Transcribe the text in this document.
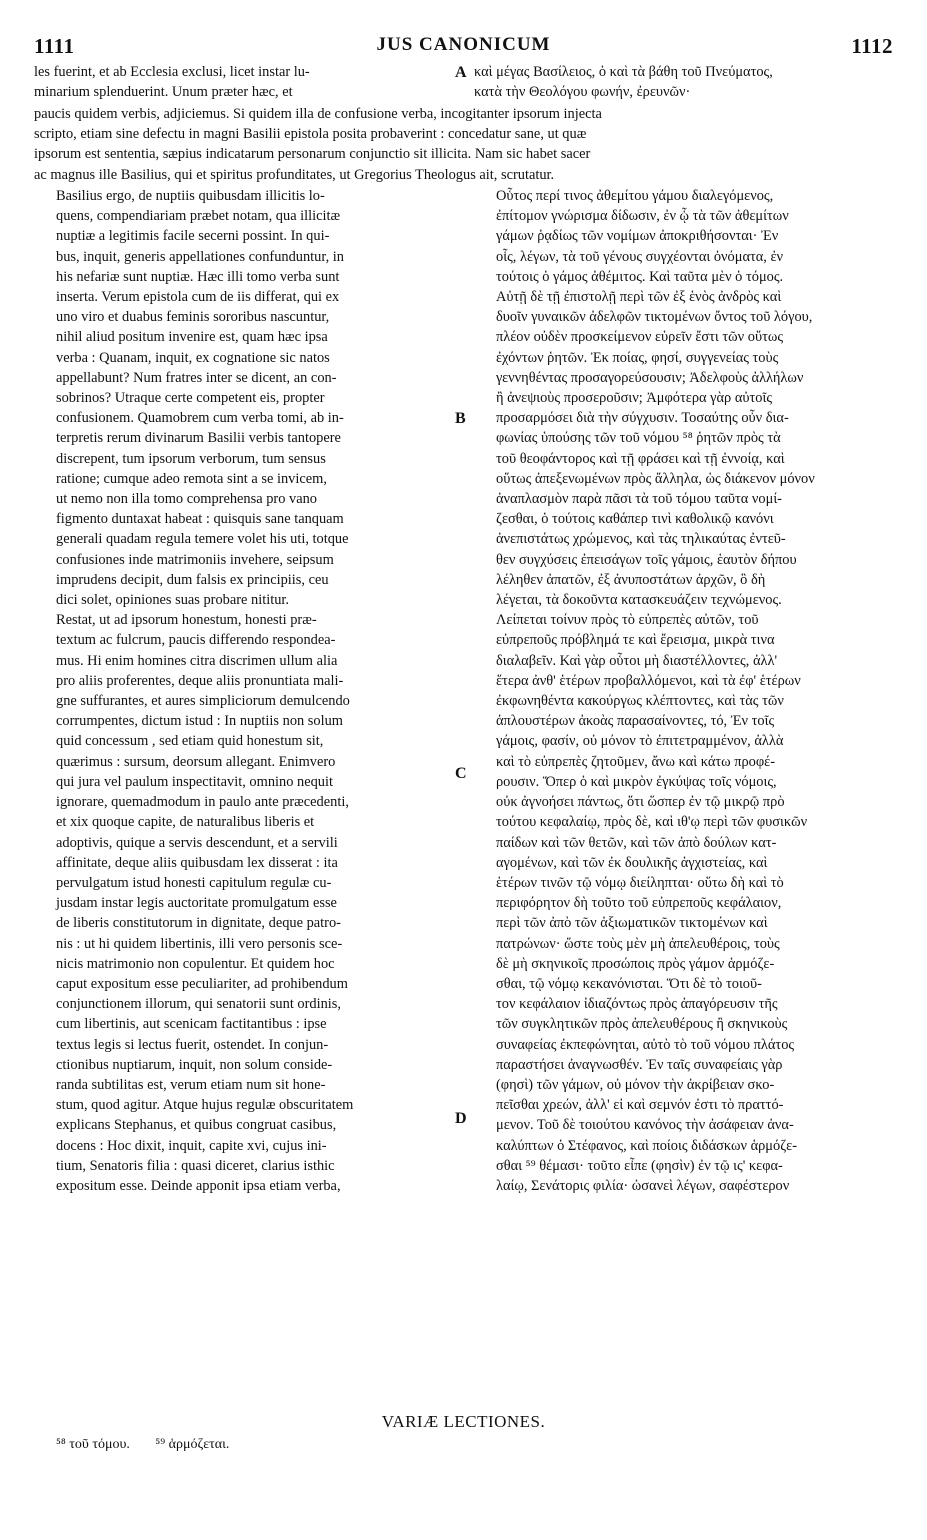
1111	JUS CANONICUM	1112

les fuerint, et ab Ecclesia exclusi, licet instar lu-
minarium splenduerint. Unum præter hæc, et

καὶ μέγας Βασίλειος, ὁ καὶ τὰ βάθη τοῦ Πνεύματος,
κατὰ τὴν Θεολόγου φωνήν, ἐρευνῶν·

paucis quidem verbis, adjiciemus. Si quidem illa de confusione verba, incogitanter ipsorum injecta
scripto, etiam sine defectu in magni Basilii epistola posita probaverint : concedatur sane, ut quæ
ipsorum est sententia, sæpius indicatarum personarum conjunctio sit illicita. Nam sic habet sacer
ac magnus ille Basilius, qui et spiritus profunditates, ut Gregorius Theologus ait, scrutatur.

Basilius ergo, de nuptiis quibusdam illicitis lo-
quens, compendiariam præbet notam, qua illicitæ
nuptiæ a legitimis facile secerni possint. In qui-
bus, inquit, generis appellationes confunduntur, in
his nefariæ sunt nuptiæ. Hæc illi tomo verba sunt
inserta. Verum epistola cum de iis differat, qui ex
uno viro et duabus feminis sororibus nascuntur,
nihil aliud positum invenire est, quam hæc ipsa
verba : Quanam, inquit, ex cognatione sic natos
appellabunt? Num fratres inter se dicent, an con-
sobrinos? Utraque certe competent eis, propter
confusionem. Quamobrem cum verba tomi, ab in-
terpretis rerum divinarum Basilii verbis tantopere
discrepent, tum ipsorum verborum, tum sensus
ratione; cumque adeo remota sint a se invicem,
ut nemo non illa tomo comprehensa pro vano
figmento duntaxat habeat : quisquis sane tanquam
generali quadam regula temere volet his uti, totque
confusiones inde matrimoniis invehere, seipsum
imprudens decipit, dum falsis ex principiis, ceu
dici solet, opiniones suas probare nititur.

Restat, ut ad ipsorum honestum, honesti præ-
textum ac fulcrum, paucis differendo respondea-
mus. Hi enim homines citra discrimen ullum alia
pro aliis proferentes, deque aliis pronuntiata mali-
gne suffurantes, et aures simpliciorum demulcendo
corrumpentes, dictum istud : In nuptiis non solum
quid concessum , sed etiam quid honestum sit,
quærimus : sursum, deorsum allegant. Enimvero
qui jura vel paulum inspectitavit, omnino nequit
ignorare, quemadmodum in paulo ante præcedenti,
et xix quoque capite, de naturalibus liberis et
adoptivis, quique a servis descendunt, et a servili
affinitate, deque aliis quibusdam lex disserat : ita
pervulgatum istud honesti capitulum regulæ cu-
jusdam instar legis auctoritate promulgatum esse
de liberis constitutorum in dignitate, deque patro-
nis : ut hi quidem libertinis, illi vero personis sce-
nicis matrimonio non copulentur. Et quidem hoc
caput expositum esse peculiariter, ad prohibendum
conjunctionem illorum, qui senatorii sunt ordinis,
cum libertinis, aut scenicam factitantibus : ipse
textus legis si lectus fuerit, ostendet. In conjun-
ctionibus nuptiarum, inquit, non solum conside-
randa subtilitas est, verum etiam num sit hone-
stum, quod agitur. Atque hujus regulæ obscuritatem
explicans Stephanus, et quibus congruat casibus,
docens : Hoc dixit, inquit, capite xvi, cujus ini-
tium, Senatoris filia : quasi diceret, clarius isthic
expositum esse. Deinde apponit ipsa etiam verba,

Οὗτος περί τινος ἀθεμίτου γάμου διαλεγόμενος,
ἐπίτομον γνώρισμα δίδωσιν, ἐν ᾧ τὰ τῶν ἀθεμίτων
γάμων ῥᾳδίως τῶν νομίμων ἀποκριθήσονται· Ἐν
οἷς, λέγων, τὰ τοῦ γένους συγχέονται ὀνόματα, ἐν
τούτοις ὁ γάμος ἀθέμιτος. Καὶ ταῦτα μὲν ὁ τόμος.
Αὐτῇ δὲ τῇ ἐπιστολῇ περὶ τῶν ἐξ ἑνὸς ἀνδρὸς καὶ
δυοῖν γυναικῶν ἀδελφῶν τικτομένων ὄντος τοῦ λόγου,
πλέον οὐδὲν προσκείμενον εὑρεῖν ἔστι τῶν οὕτως
ἐχόντων ῥητῶν. Ἐκ ποίας, φησί, συγγενείας τοὺς
γεννηθέντας προσαγορεύσουσιν; Ἀδελφοὺς ἀλλήλων
ἢ ἀνεψιοὺς προσεροῦσιν; Ἀμφότερα γὰρ αὐτοῖς
προσαρμόσει διὰ τὴν σύγχυσιν. Τοσαύτης οὖν δια-
φωνίας ὑπούσης τῶν τοῦ νόμου ⁵⁸ ῥητῶν πρὸς τὰ
τοῦ θεοφάντορος καὶ τῇ φράσει καὶ τῇ ἐννοίᾳ, καὶ
οὕτως ἀπεξενωμένων πρὸς ἄλληλα, ὡς διάκενον μόνον
ἀναπλασμὸν παρὰ πᾶσι τὰ τοῦ τόμου ταῦτα νομί-
ζεσθαι, ὁ τούτοις καθάπερ τινὶ καθολικῷ κανόνι
ἀνεπιστάτως χρώμενος, καὶ τὰς τηλικαύτας ἐντεῦ-
θεν συγχύσεις ἐπεισάγων τοῖς γάμοις, ἑαυτὸν δήπου
λέληθεν ἀπατῶν, ἐξ ἀνυποστάτων ἀρχῶν, ὃ δὴ
λέγεται, τὰ δοκοῦντα κατασκευάζειν τεχνώμενος.

Λείπεται τοίνυν πρὸς τὸ εὐπρεπὲς αὐτῶν, τοῦ
εὐπρεποῦς πρόβλημά τε καὶ ἔρεισμα, μικρὰ τινα
διαλαβεῖν. Καὶ γὰρ οὗτοι μὴ διαστέλλοντες, ἀλλ'
ἕτερα ἀνθ' ἑτέρων προβαλλόμενοι, καὶ τὰ ἐφ' ἑτέρων
ἐκφωνηθέντα κακούργως κλέπτοντες, καὶ τὰς τῶν
ἁπλουστέρων ἀκοὰς παρασαίνοντες, τό, Ἐν τοῖς
γάμοις, φασίν, οὐ μόνον τὸ ἐπιτετραμμένον, ἀλλὰ
καὶ τὸ εὐπρεπὲς ζητοῦμεν, ἄνω καὶ κάτω προφέ-
ρουσιν. Ὅπερ ὁ καὶ μικρὸν ἐγκύψας τοῖς νόμοις,
οὐκ ἀγνοήσει πάντως, ὅτι ὥσπερ ἐν τῷ μικρῷ πρὸ
τούτου κεφαλαίῳ, πρὸς δὲ, καὶ ιθ'ῳ περὶ τῶν φυσικῶν
παίδων καὶ τῶν θετῶν, καὶ τῶν ἀπὸ δούλων κατ-
αγομένων, καὶ τῶν ἐκ δουλικῆς ἀγχιστείας, καὶ
ἑτέρων τινῶν τῷ νόμῳ διείληπται· οὕτω δὴ καὶ τὸ
περιφόρητον δὴ τοῦτο τοῦ εὐπρεποῦς κεφάλαιον,
περὶ τῶν ἀπὸ τῶν ἀξιωματικῶν τικτομένων καὶ
πατρώνων· ὥστε τοὺς μὲν μὴ ἀπελευθέροις, τοὺς
δὲ μὴ σκηνικοῖς προσώποις πρὸς γάμον ἁρμόζε-
σθαι, τῷ νόμῳ κεκανόνισται. Ὅτι δὲ τὸ τοιοῦ-
τον κεφάλαιον ἰδιαζόντως πρὸς ἀπαγόρευσιν τῆς
τῶν συγκλητικῶν πρὸς ἀπελευθέρους ἢ σκηνικοὺς
συναφείας ἐκπεφώνηται, αὐτὸ τὸ τοῦ νόμου πλάτος
παραστήσει ἀναγνωσθέν. Ἐν ταῖς συναφείαις γὰρ
(φησὶ) τῶν γάμων, οὐ μόνον τὴν ἀκρίβειαν σκο-
πεῖσθαι χρεών, ἀλλ' εἰ καὶ σεμνόν ἐστι τὸ πραττό-
μενον. Τοῦ δὲ τοιούτου κανόνος τὴν ἀσάφειαν ἀνα-
καλύπτων ὁ Στέφανος, καὶ ποίοις διδάσκων ἁρμόζε-
σθαι ⁵⁹ θέμασι· τοῦτο εἶπε (φησὶν) ἐν τῷ ις' κεφα-
λαίῳ, Σενάτορις φιλία· ὡσανεὶ λέγων, σαφέστερον

A
B
C
D
VARIÆ LECTIONES.
⁵⁸ τοῦ τόμου. ⁵⁹ ἁρμόζεται.
